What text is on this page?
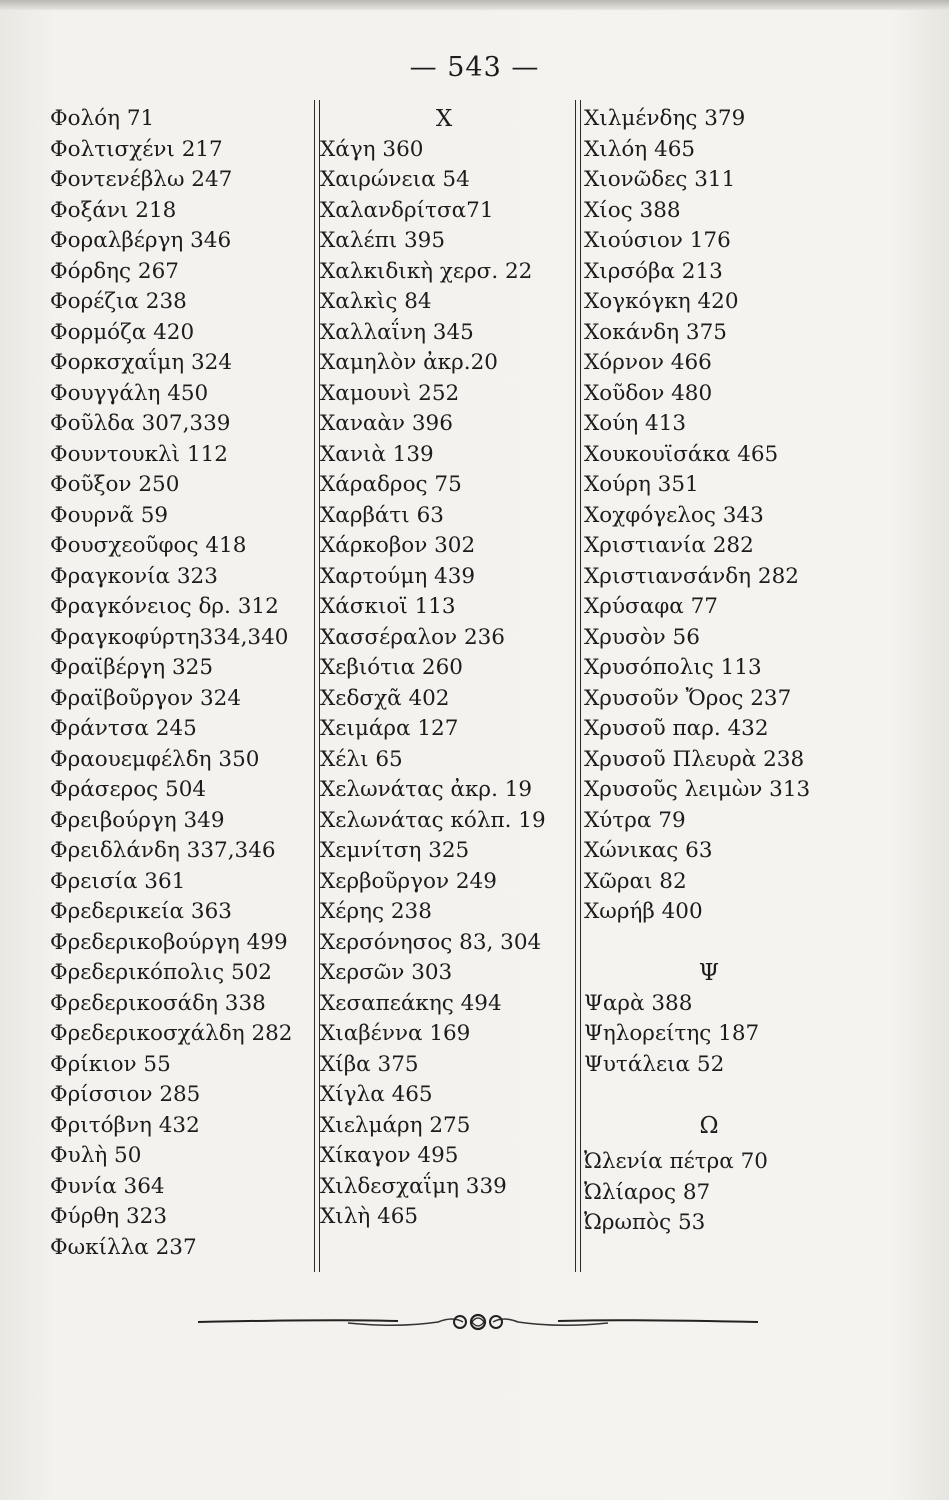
— 543 —
Φολόη 71
Φολτισχένι 217
Φοντενέβλω 247
Φοξάνι 218
Φοραλβέργη 346
Φόρδης 267
Φορέζια 238
Φορμόζα 420
Φορκσχαΐμη 324
Φουγγάλη 450
Φοῦλδα 307,339
Φουντουκλὶ 112
Φοῦξον 250
Φουρνᾶ 59
Φουσχεοῦφος 418
Φραγκονία 323
Φραγκόνειος δρ. 312
Φραγκοφύρτη334,340
Φραϊβέργη 325
Φραϊβοῦργον 324
Φράντσα 245
Φραουεμφέλδη 350
Φράσερος 504
Φρειβούργη 349
Φρειδλάνδη 337,346
Φρεισία 361
Φρεδερικεία 363
Φρεδερικοβούργη 499
Φρεδερικόπολις 502
Φρεδερικοσάδη 338
Φρεδερικοσχάλδη 282
Φρίκιον 55
Φρίσσιον 285
Φριτόβνη 432
Φυλὴ 50
Φυνία 364
Φύρθη 323
Φωκίλλα 237
X
Χάγη 360
Χαιρώνεια 54
Χαλανδρίτσα71
Χαλέπι 395
Χαλκιδικὴ χερσ. 22
Χαλκὶς 84
Χαλλαΐνη 345
Χαμηλὸν ἀκρ.20
Χαμουνὶ 252
Χαναὰν 396
Χανιὰ 139
Χάραδρος 75
Χαρβάτι 63
Χάρκοβον 302
Χαρτούμη 439
Χάσκιοϊ 113
Χασσέραλον 236
Χεβιότια 260
Χεδσχᾶ 402
Χειμάρα 127
Χέλι 65
Χελωνάτας ἀκρ. 19
Χελωνάτας κόλπ. 19
Χεμνίτση 325
Χερβοῦργον 249
Χέρης 238
Χερσόνησος 83, 304
Χερσῶν 303
Χεσαπεάκης 494
Χιαβέννα 169
Χίβα 375
Χίγλα 465
Χιελμάρη 275
Χίκαγον 495
Χιλδεσχαΐμη 339
Χιλὴ 465
Χιλμένδης 379
Χιλόη 465
Χιονῶδες 311
Χίος 388
Χιούσιον 176
Χιρσόβα 213
Χογκόγκη 420
Χοκάνδη 375
Χόρνον 466
Χοῦδον 480
Χούη 413
Χουκουϊσάκα 465
Χούρη 351
Χοχφόγελος 343
Χριστιανία 282
Χριστιανσάνδη 282
Χρύσαφα 77
Χρυσὸν 56
Χρυσόπολις 113
Χρυσοῦν Ὄρος 237
Χρυσοῦ παρ. 432
Χρυσοῦ Πλευρὰ 238
Χρυσοῦς λειμὼν 313
Χύτρα 79
Χώνικας 63
Χῶραι 82
Χωρήβ 400
Ψ
Ψαρὰ 388
Ψηλορείτης 187
Ψυτάλεια 52
Ω
Ὠλενία πέτρα 70
Ὠλίαρος 87
Ὠρωπὸς 53
